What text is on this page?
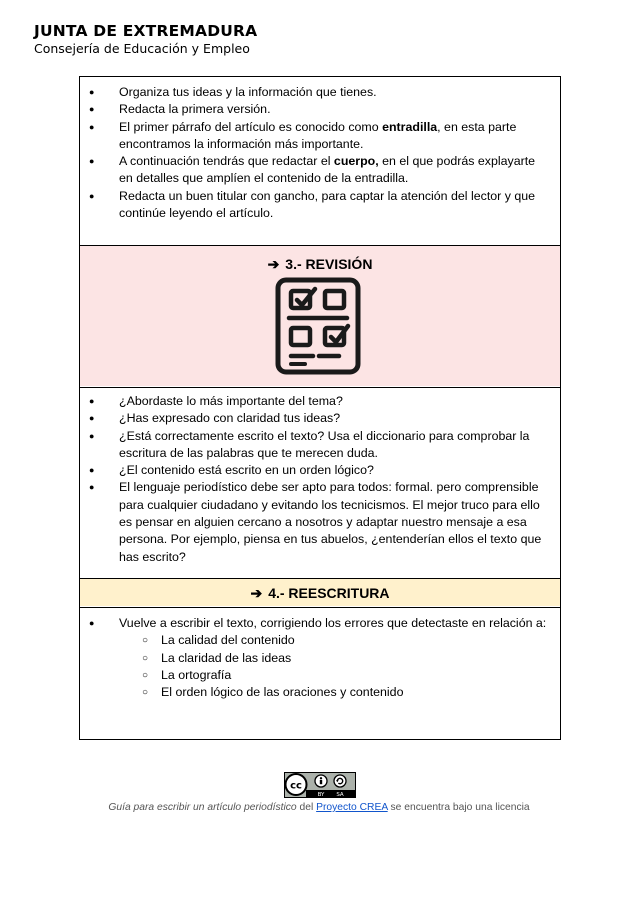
JUNTA DE EXTREMADURA
Consejería de Educación y Empleo
● Organiza tus ideas y la información que tienes.
● Redacta la primera versión.
● El primer párrafo del artículo es conocido como entradilla, en esta parte encontramos la información más importante.
● A continuación tendrás que redactar el cuerpo, en el que podrás explayarte en detalles que amplíen el contenido de la entradilla.
● Redacta un buen titular con gancho, para captar la atención del lector y que continúe leyendo el artículo.
➔ 3.- REVISIÓN
● ¿Abordaste lo más importante del tema?
● ¿Has expresado con claridad tus ideas?
● ¿Está correctamente escrito el texto? Usa el diccionario para comprobar la escritura de las palabras que te merecen duda.
● ¿El contenido está escrito en un orden lógico?
● El lenguaje periodístico debe ser apto para todos: formal. pero comprensible para cualquier ciudadano y evitando los tecnicismos. El mejor truco para ello es pensar en alguien cercano a nosotros y adaptar nuestro mensaje a esa persona. Por ejemplo, piensa en tus abuelos, ¿entenderían ellos el texto que has escrito?
➔ 4.- REESCRITURA
● Vuelve a escribir el texto, corrigiendo los errores que detectaste en relación a:
○ La calidad del contenido
○ La claridad de las ideas
○ La ortografía
○ El orden lógico de las oraciones y contenido
cc
BY SA
Guía para escribir un artículo periodístico del Proyecto CREA se encuentra bajo una licencia
